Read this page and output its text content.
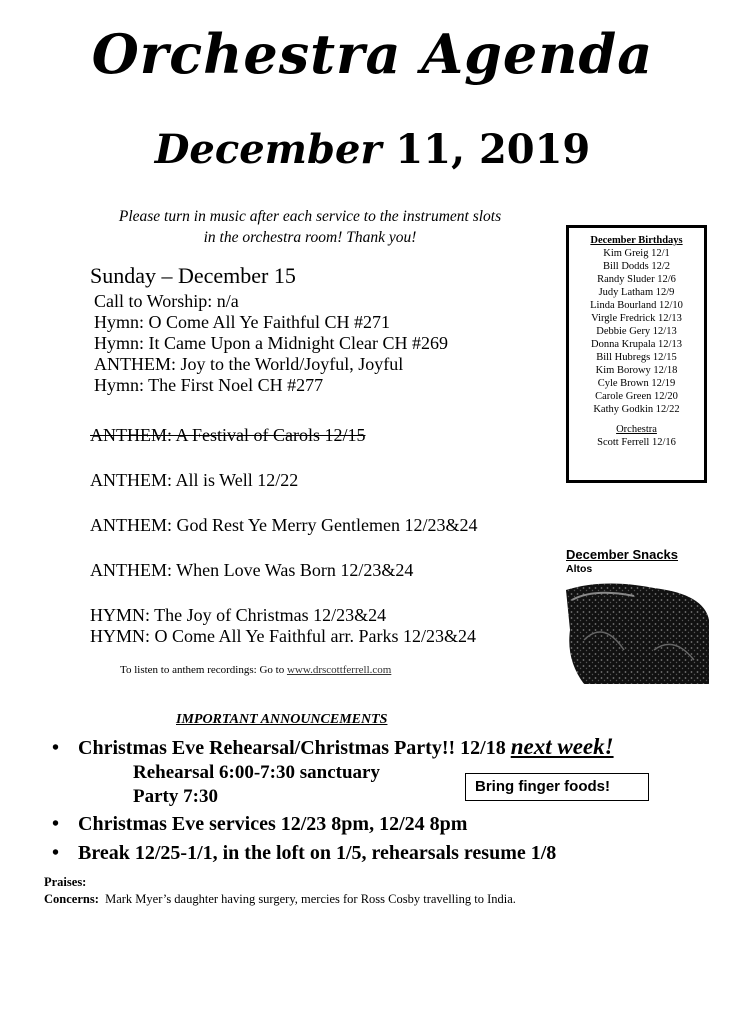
Orchestra Agenda
December 11, 2019
Please turn in music after each service to the instrument slots
in the orchestra room! Thank you!
Sunday – December 15
Call to Worship: n/a
Hymn: O Come All Ye Faithful CH #271
Hymn: It Came Upon a Midnight Clear CH #269
ANTHEM: Joy to the World/Joyful, Joyful
Hymn: The First Noel CH #277
ANTHEM: A Festival of Carols 12/15
ANTHEM: All is Well 12/22
ANTHEM: God Rest Ye Merry Gentlemen 12/23&24
ANTHEM: When Love Was Born 12/23&24
HYMN: The Joy of Christmas 12/23&24
HYMN: O Come All Ye Faithful arr. Parks 12/23&24
To listen to anthem recordings: Go to www.drscottferrell.com
December Birthdays
Kim Greig 12/1
Bill Dodds 12/2
Randy Sluder 12/6
Judy Latham 12/9
Linda Bourland 12/10
Virgle Fredrick 12/13
Debbie Gery 12/13
Donna Krupala 12/13
Bill Hubregs 12/15
Kim Borowy 12/18
Cyle Brown 12/19
Carole Green 12/20
Kathy Godkin 12/22
Orchestra
Scott Ferrell 12/16
December Snacks
Altos
IMPORTANT ANNOUNCEMENTS
• Christmas Eve Rehearsal/Christmas Party!! 12/18 next week!
Rehearsal 6:00-7:30 sanctuary
Party 7:30	Bring finger foods!
• Christmas Eve services 12/23 8pm, 12/24 8pm
• Break 12/25-1/1, in the loft on 1/5, rehearsals resume 1/8
Praises:
Concerns: Mark Myer’s daughter having surgery, mercies for Ross Cosby travelling to India.
